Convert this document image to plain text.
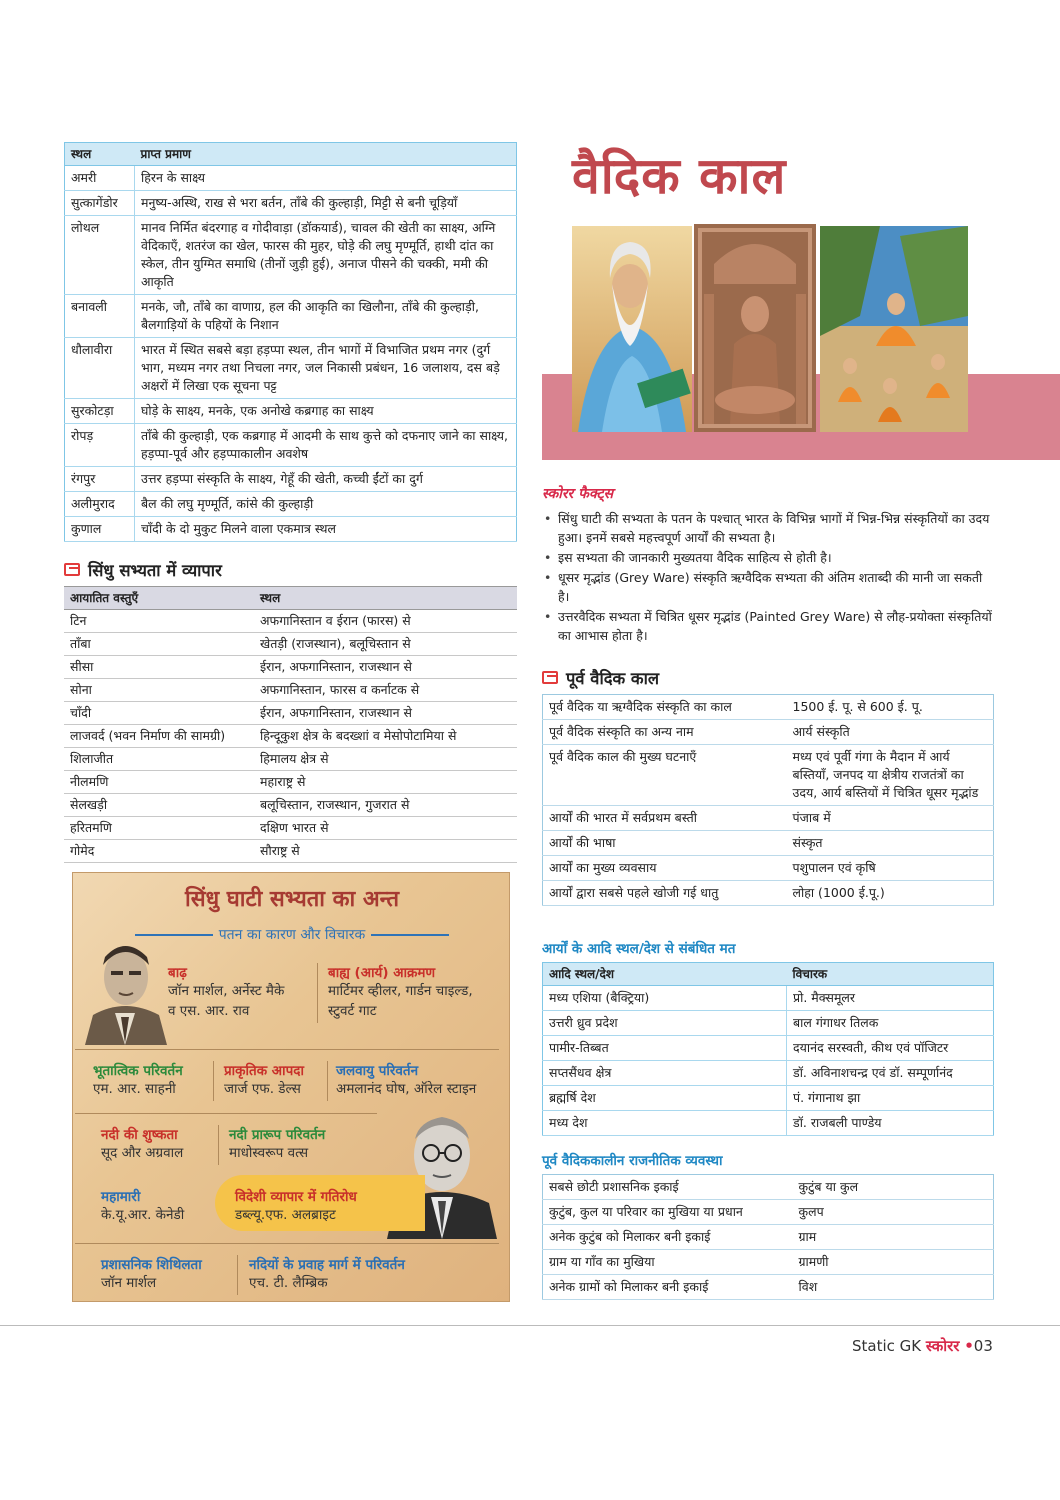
स्थल	प्राप्त प्रमाण
अमरी	हिरन के साक्ष्य
सुत्कागेंडोर	मनुष्य-अस्थि, राख से भरा बर्तन, ताँबे की कुल्हाड़ी, मिट्टी से बनी चूड़ियाँ
लोथल	मानव निर्मित बंदरगाह व गोदीवाड़ा (डॉकयार्ड), चावल की खेती का साक्ष्य, अग्नि वेदिकाएँ, शतरंज का खेल, फारस की मुहर, घोड़े की लघु मृण्मूर्ति, हाथी दांत का स्केल, तीन युग्मित समाधि (तीनों जुड़ी हुई), अनाज पीसने की चक्की, ममी की आकृति
बनावली	मनके, जौ, ताँबे का वाणाग्र, हल की आकृति का खिलौना, ताँबे की कुल्हाड़ी, बैलगाड़ियों के पहियों के निशान
धौलावीरा	भारत में स्थित सबसे बड़ा हड़प्पा स्थल, तीन भागों में विभाजित प्रथम नगर (दुर्ग भाग, मध्यम नगर तथा निचला नगर, जल निकासी प्रबंधन, 16 जलाशय, दस बड़े अक्षरों में लिखा एक सूचना पट्ट
सुरकोटड़ा	घोड़े के साक्ष्य, मनके, एक अनोखे कब्रगाह का साक्ष्य
रोपड़	ताँबे की कुल्हाड़ी, एक कब्रगाह में आदमी के साथ कुत्ते को दफनाए जाने का साक्ष्य, हड़प्पा-पूर्व और हड़प्पाकालीन अवशेष
रंगपुर	उत्तर हड़प्पा संस्कृति के साक्ष्य, गेहूँ की खेती, कच्ची ईंटों का दुर्ग
अलीमुराद	बैल की लघु मृण्मूर्ति, कांसे की कुल्हाड़ी
कुणाल	चाँदी के दो मुकुट मिलने वाला एकमात्र स्थल
सिंधु सभ्यता में व्यापार
आयातित वस्तुएँ	स्थल
टिन	अफगानिस्तान व ईरान (फारस) से
ताँबा	खेतड़ी (राजस्थान), बलूचिस्तान से
सीसा	ईरान, अफगानिस्तान, राजस्थान से
सोना	अफगानिस्तान, फारस व कर्नाटक से
चाँदी	ईरान, अफगानिस्तान, राजस्थान से
लाजवर्द (भवन निर्माण की सामग्री)	हिन्दूकुश क्षेत्र के बदख्शां व मेसोपोटामिया से
शिलाजीत	हिमालय क्षेत्र से
नीलमणि	महाराष्ट्र से
सेलखड़ी	बलूचिस्तान, राजस्थान, गुजरात से
हरितमणि	दक्षिण भारत से
गोमेद	सौराष्ट्र से
सिंधु घाटी सभ्यता का अन्त
पतन का कारण और विचारक
बाढ़
जॉन मार्शल, अर्नेस्ट मैके
व एस. आर. राव
बाह्य (आर्य) आक्रमण
मार्टिमर व्हीलर, गार्डन चाइल्ड,
स्टुवर्ट गाट
भूतात्विक परिवर्तन
एम. आर. साहनी
प्राकृतिक आपदा
जार्ज एफ. डेल्स
जलवायु परिवर्तन
अमलानंद घोष, ऑरेल स्टाइन
नदी की शुष्कता
सूद और अग्रवाल
नदी प्रारूप परिवर्तन
माधोस्वरूप वत्स
महामारी
के.यू.आर. केनेडी
विदेशी व्यापार में गतिरोध
डब्ल्यू.एफ. अलब्राइट
प्रशासनिक शिथिलता
जॉन मार्शल
नदियों के प्रवाह मार्ग में परिवर्तन
एच. टी. लैम्ब्रिक
वैदिक काल
स्कोरर फैक्ट्स
• सिंधु घाटी की सभ्यता के पतन के पश्चात् भारत के विभिन्न भागों में भिन्न-भिन्न संस्कृतियों का उदय हुआ। इनमें सबसे महत्त्वपूर्ण आर्यों की सभ्यता है।
• इस सभ्यता की जानकारी मुख्यतया वैदिक साहित्य से होती है।
• धूसर मृद्भांड (Grey Ware) संस्कृति ऋग्वैदिक सभ्यता की अंतिम शताब्दी की मानी जा सकती है।
• उत्तरवैदिक सभ्यता में चित्रित धूसर मृद्भांड (Painted Grey Ware) से लौह-प्रयोक्ता संस्कृतियों का आभास होता है।
पूर्व वैदिक काल
पूर्व वैदिक या ऋग्वैदिक संस्कृति का काल	1500 ई. पू. से 600 ई. पू.
पूर्व वैदिक संस्कृति का अन्य नाम	आर्य संस्कृति
पूर्व वैदिक काल की मुख्य घटनाएँ	मध्य एवं पूर्वी गंगा के मैदान में आर्य बस्तियाँ, जनपद या क्षेत्रीय राजतंत्रों का उदय, आर्य बस्तियों में चित्रित धूसर मृद्भांड
आर्यों की भारत में सर्वप्रथम बस्ती	पंजाब में
आर्यों की भाषा	संस्कृत
आर्यों का मुख्य व्यवसाय	पशुपालन एवं कृषि
आर्यों द्वारा सबसे पहले खोजी गई धातु	लोहा (1000 ई.पू.)
आर्यों के आदि स्थल/देश से संबंधित मत
आदि स्थल/देश	विचारक
मध्य एशिया (बैक्ट्रिया)	प्रो. मैक्समूलर
उत्तरी ध्रुव प्रदेश	बाल गंगाधर तिलक
पामीर-तिब्बत	दयानंद सरस्वती, कीथ एवं पॉजिटर
सप्तसैंधव क्षेत्र	डॉ. अविनाशचन्द्र एवं डॉ. सम्पूर्णानंद
ब्रह्मर्षि देश	पं. गंगानाथ झा
मध्य देश	डॉ. राजबली पाण्डेय
पूर्व वैदिककालीन राजनीतिक व्यवस्था
सबसे छोटी प्रशासनिक इकाई	कुटुंब या कुल
कुटुंब, कुल या परिवार का मुखिया या प्रधान	कुलप
अनेक कुटुंब को मिलाकर बनी इकाई	ग्राम
ग्राम या गाँव का मुखिया	ग्रामणी
अनेक ग्रामों को मिलाकर बनी इकाई	विश
Static GK स्कोरर •03
